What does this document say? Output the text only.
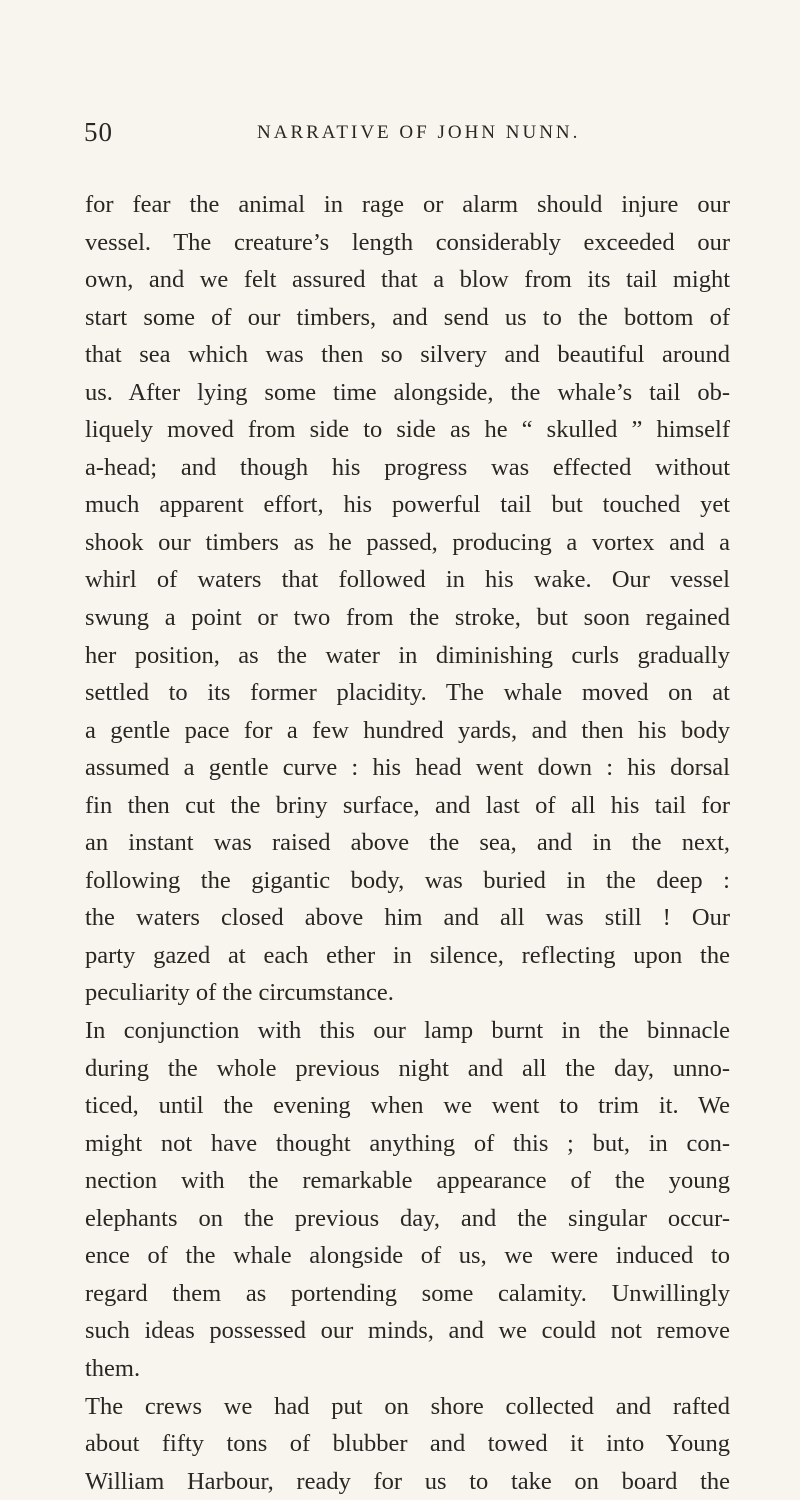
50	NARRATIVE OF JOHN NUNN.
for fear the animal in rage or alarm should injure our
vessel. The creature’s length considerably exceeded our
own, and we felt assured that a blow from its tail might
start some of our timbers, and send us to the bottom of
that sea which was then so silvery and beautiful around
us. After lying some time alongside, the whale’s tail ob-
liquely moved from side to side as he “ skulled ” himself
a-head; and though his progress was effected without
much apparent effort, his powerful tail but touched yet
shook our timbers as he passed, producing a vortex and a
whirl of waters that followed in his wake. Our vessel
swung a point or two from the stroke, but soon regained
her position, as the water in diminishing curls gradually
settled to its former placidity. The whale moved on at
a gentle pace for a few hundred yards, and then his body
assumed a gentle curve : his head went down : his dorsal
fin then cut the briny surface, and last of all his tail for
an instant was raised above the sea, and in the next,
following the gigantic body, was buried in the deep :
the waters closed above him and all was still ! Our
party gazed at each ether in silence, reflecting upon the
peculiarity of the circumstance.
In conjunction with this our lamp burnt in the binnacle
during the whole previous night and all the day, unno-
ticed, until the evening when we went to trim it. We
might not have thought anything of this ; but, in con-
nection with the remarkable appearance of the young
elephants on the previous day, and the singular occur-
ence of the whale alongside of us, we were induced to
regard them as portending some calamity. Unwillingly
such ideas possessed our minds, and we could not remove
them.
The crews we had put on shore collected and rafted
about fifty tons of blubber and towed it into Young
William Harbour, ready for us to take on board the
